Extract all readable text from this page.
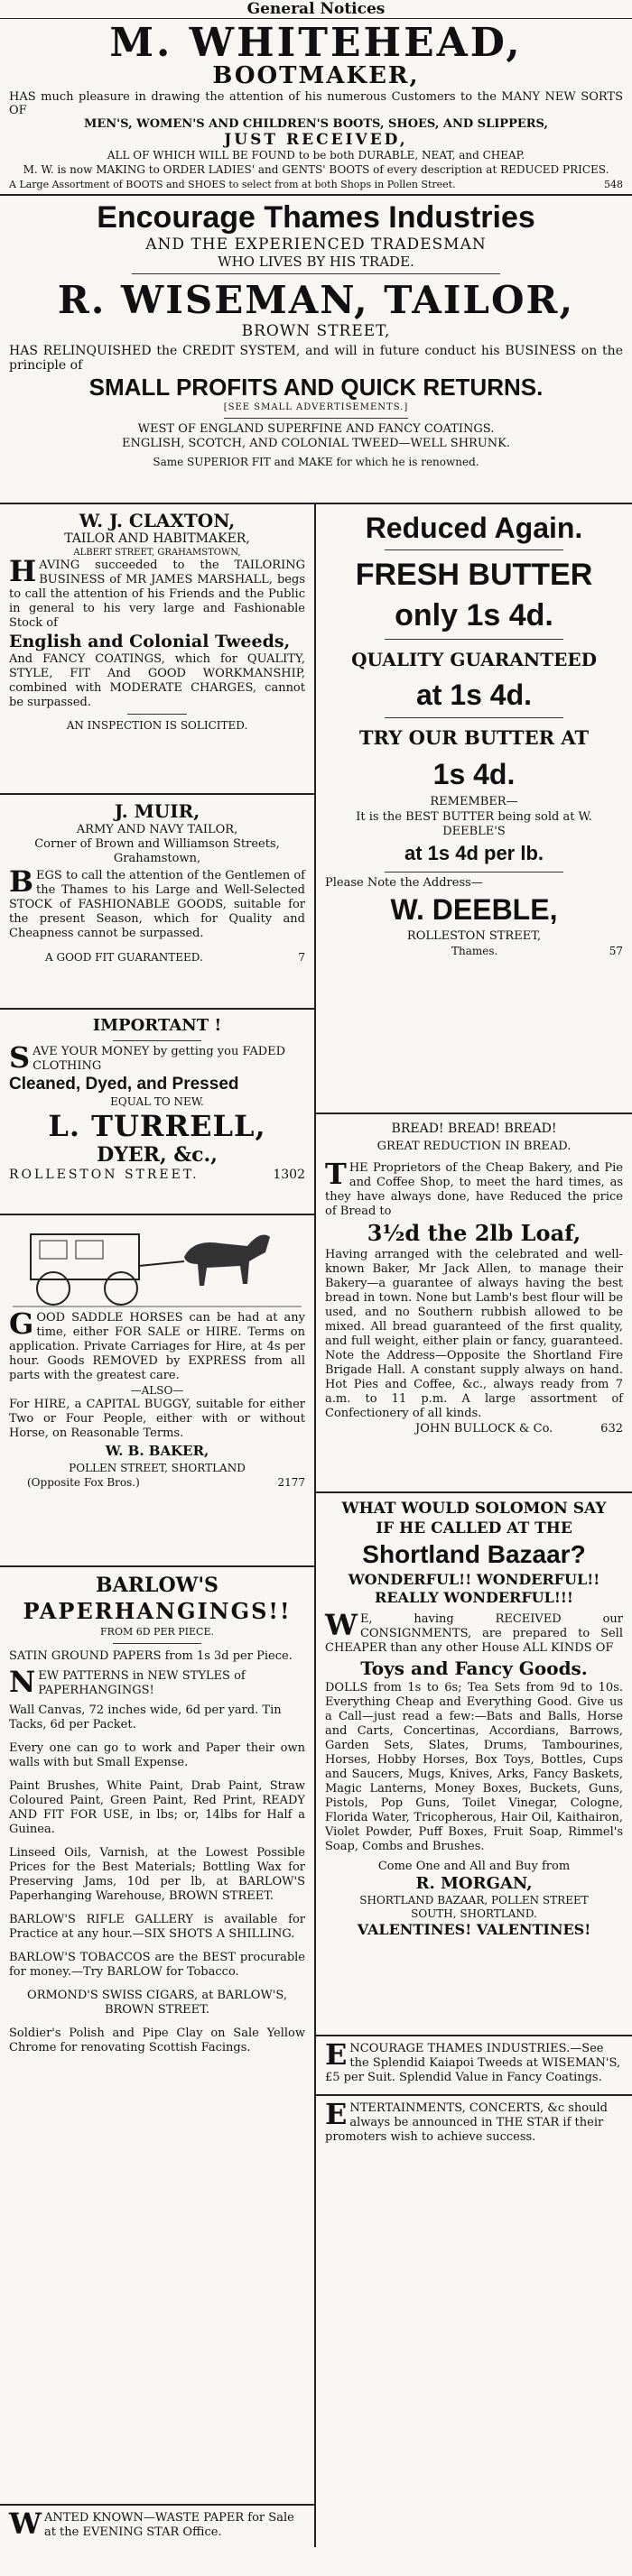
General Notices
M. WHITEHEAD,
BOOTMAKER,
HAS much pleasure in drawing the attention of his numerous Customers to the MANY NEW SORTS OF
MEN'S, WOMEN'S AND CHILDREN'S BOOTS, SHOES, AND SLIPPERS,
JUST RECEIVED,
ALL OF WHICH WILL BE FOUND to be both DURABLE, NEAT, and CHEAP.
M. W. is now MAKING to ORDER LADIES' and GENTS' BOOTS of every description at REDUCED PRICES.
A Large Assortment of BOOTS and SHOES to select from at both Shops in Pollen Street.	548
Encourage Thames Industries
AND THE EXPERIENCED TRADESMAN
WHO LIVES BY HIS TRADE.
R. WISEMAN, TAILOR,
BROWN STREET,
HAS RELINQUISHED the CREDIT SYSTEM, and will in future conduct his BUSINESS on the principle of
SMALL PROFITS AND QUICK RETURNS.
[SEE SMALL ADVERTISEMENTS.]
WEST OF ENGLAND SUPERFINE AND FANCY COATINGS.
ENGLISH, SCOTCH, AND COLONIAL TWEED—WELL SHRUNK.
Same SUPERIOR FIT and MAKE for which he is renowned.
W. J. CLAXTON,
TAILOR AND HABITMAKER,
ALBERT STREET, GRAHAMSTOWN,
HAVING succeeded to the TAILORING BUSINESS of MR JAMES MARSHALL, begs to call the attention of his Friends and the Public in general to his very large and Fashionable Stock of
English and Colonial Tweeds,
And FANCY COATINGS, which for QUALITY, STYLE, FIT And GOOD WORKMANSHIP, combined with MODERATE CHARGES, cannot be surpassed.
AN INSPECTION IS SOLICITED.
J. MUIR,
ARMY AND NAVY TAILOR,
Corner of Brown and Williamson Streets, Grahamstown,
BEGS to call the attention of the Gentlemen of the Thames to his Large and Well-Selected STOCK of FASHIONABLE GOODS, suitable for the present Season, which for Quality and Cheapness cannot be surpassed.
A GOOD FIT GUARANTEED.	7
IMPORTANT !
SAVE YOUR MONEY by getting you FADED CLOTHING
Cleaned, Dyed, and Pressed
EQUAL TO NEW.
L. TURRELL,
DYER, &c.,
ROLLESTON STREET.	1302
GOOD SADDLE HORSES can be had at any time, either FOR SALE or HIRE. Terms on application. Private Carriages for Hire, at 4s per hour. Goods REMOVED by EXPRESS from all parts with the greatest care.
—ALSO—
For HIRE, a CAPITAL BUGGY, suitable for either Two or Four People, either with or without Horse, on Reasonable Terms.
W. B. BAKER,
POLLEN STREET, SHORTLAND
(Opposite Fox Bros.)	2177
BARLOW'S
PAPERHANGINGS!!
FROM 6D PER PIECE.
SATIN GROUND PAPERS from 1s 3d per Piece.
NEW PATTERNS in NEW STYLES of PAPERHANGINGS!
Wall Canvas, 72 inches wide, 6d per yard. Tin Tacks, 6d per Packet.
Every one can go to work and Paper their own walls with but Small Expense.
Paint Brushes, White Paint, Drab Paint, Straw Coloured Paint, Green Paint, Red Print, READY AND FIT FOR USE, in lbs; or, 14lbs for Half a Guinea.
Linseed Oils, Varnish, at the Lowest Possible Prices for the Best Materials; Bottling Wax for Preserving Jams, 10d per lb, at BARLOW'S Paperhanging Warehouse, BROWN STREET.
BARLOW'S RIFLE GALLERY is available for Practice at any hour.—SIX SHOTS A SHILLING.
BARLOW'S TOBACCOS are the BEST procurable for money.—Try BARLOW for Tobacco.
ORMOND'S SWISS CIGARS, at BARLOW'S, BROWN STREET.
Soldier's Polish and Pipe Clay on Sale Yellow Chrome for renovating Scottish Facings.
WANTED KNOWN—WASTE PAPER for Sale at the EVENING STAR Office.
Reduced Again.
FRESH BUTTER
only 1s 4d.
QUALITY GUARANTEED
at 1s 4d.
TRY OUR BUTTER AT
1s 4d.
REMEMBER—
It is the BEST BUTTER being sold at W. DEEBLE'S
at 1s 4d per lb.
Please Note the Address—
W. DEEBLE,
ROLLESTON STREET,
Thames.	57
BREAD! BREAD! BREAD!
GREAT REDUCTION IN BREAD.
THE Proprietors of the Cheap Bakery, and Pie and Coffee Shop, to meet the hard times, as they have always done, have Reduced the price of Bread to
3½d the 2lb Loaf,
Having arranged with the celebrated and well-known Baker, Mr Jack Allen, to manage their Bakery—a guarantee of always having the best bread in town. None but Lamb's best flour will be used, and no Southern rubbish allowed to be mixed. All bread guaranteed of the first quality, and full weight, either plain or fancy, guaranteed. Note the Address—Opposite the Shortland Fire Brigade Hall. A constant supply always on hand. Hot Pies and Coffee, &c., always ready from 7 a.m. to 11 p.m. A large assortment of Confectionery of all kinds.
JOHN BULLOCK & Co.	632
WHAT WOULD SOLOMON SAY
IF HE CALLED AT THE
Shortland Bazaar?
WONDERFUL!! WONDERFUL!!
REALLY WONDERFUL!!!
WE, having RECEIVED our CONSIGNMENTS, are prepared to Sell CHEAPER than any other House ALL KINDS OF
Toys and Fancy Goods.
DOLLS from 1s to 6s; Tea Sets from 9d to 10s. Everything Cheap and Everything Good. Give us a Call—just read a few:—Bats and Balls, Horse and Carts, Concertinas, Accordians, Barrows, Garden Sets, Slates, Drums, Tambourines, Horses, Hobby Horses, Box Toys, Bottles, Cups and Saucers, Mugs, Knives, Arks, Fancy Baskets, Magic Lanterns, Money Boxes, Buckets, Guns, Pistols, Pop Guns, Toilet Vinegar, Cologne, Florida Water, Tricopherous, Hair Oil, Kaithairon, Violet Powder, Puff Boxes, Fruit Soap, Rimmel's Soap, Combs and Brushes.
Come One and All and Buy from
R. MORGAN,
SHORTLAND BAZAAR, POLLEN STREET
SOUTH, SHORTLAND.
VALENTINES! VALENTINES!
ENCOURAGE THAMES INDUSTRIES.—See the Splendid Kaiapoi Tweeds at WISEMAN'S, £5 per Suit. Splendid Value in Fancy Coatings.
ENTERTAINMENTS, CONCERTS, &c should always be announced in THE STAR if their promoters wish to achieve success.
